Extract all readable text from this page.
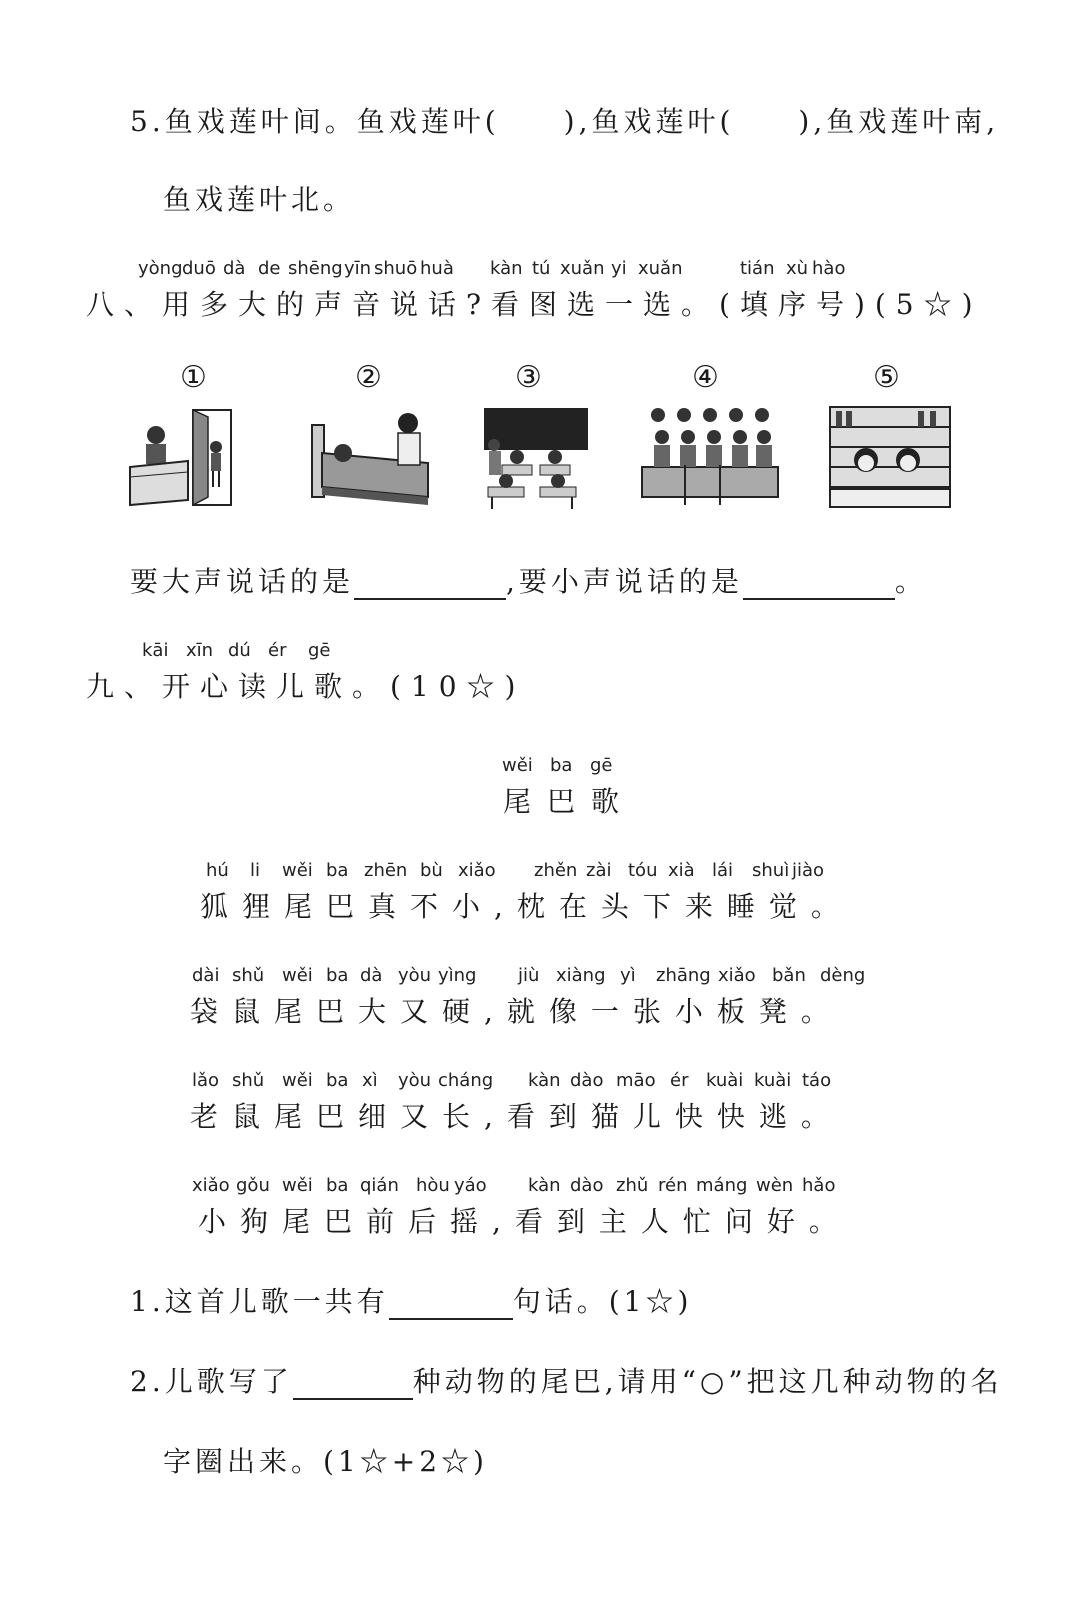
5.鱼戏莲叶间。鱼戏莲叶(　　),鱼戏莲叶(　　),鱼戏莲叶南,
鱼戏莲叶北。
yòng duō dà de shēng yīn shuō huà kàn tú xuǎn yi xuǎn	tián xù hào
八、用多大的声音说话?看图选一选。(填序号)(5☆)
①	②	③	④	⑤
要大声说话的是	,要小声说话的是	。
kāi xīn dú ér gē
九、开心读儿歌。(10☆)
wěi ba gē
尾巴歌
hú li wěi ba zhēn bù xiǎo zhěn zài tóu xià lái shuì jiào
狐狸尾巴真不小,枕在头下来睡觉。
dài shǔ wěi ba dà yòu yìng jiù xiàng yì zhāng xiǎo bǎn dèng
袋鼠尾巴大又硬,就像一张小板凳。
lǎo shǔ wěi ba xì yòu cháng kàn dào māo ér kuài kuài táo
老鼠尾巴细又长,看到猫儿快快逃。
xiǎo gǒu wěi ba qián hòu yáo kàn dào zhǔ rén máng wèn hǎo
小狗尾巴前后摇,看到主人忙问好。
1.这首儿歌一共有	句话。(1☆)
2.儿歌写了	种动物的尾巴,请用“○”把这几种动物的名
字圈出来。(1☆+2☆)
